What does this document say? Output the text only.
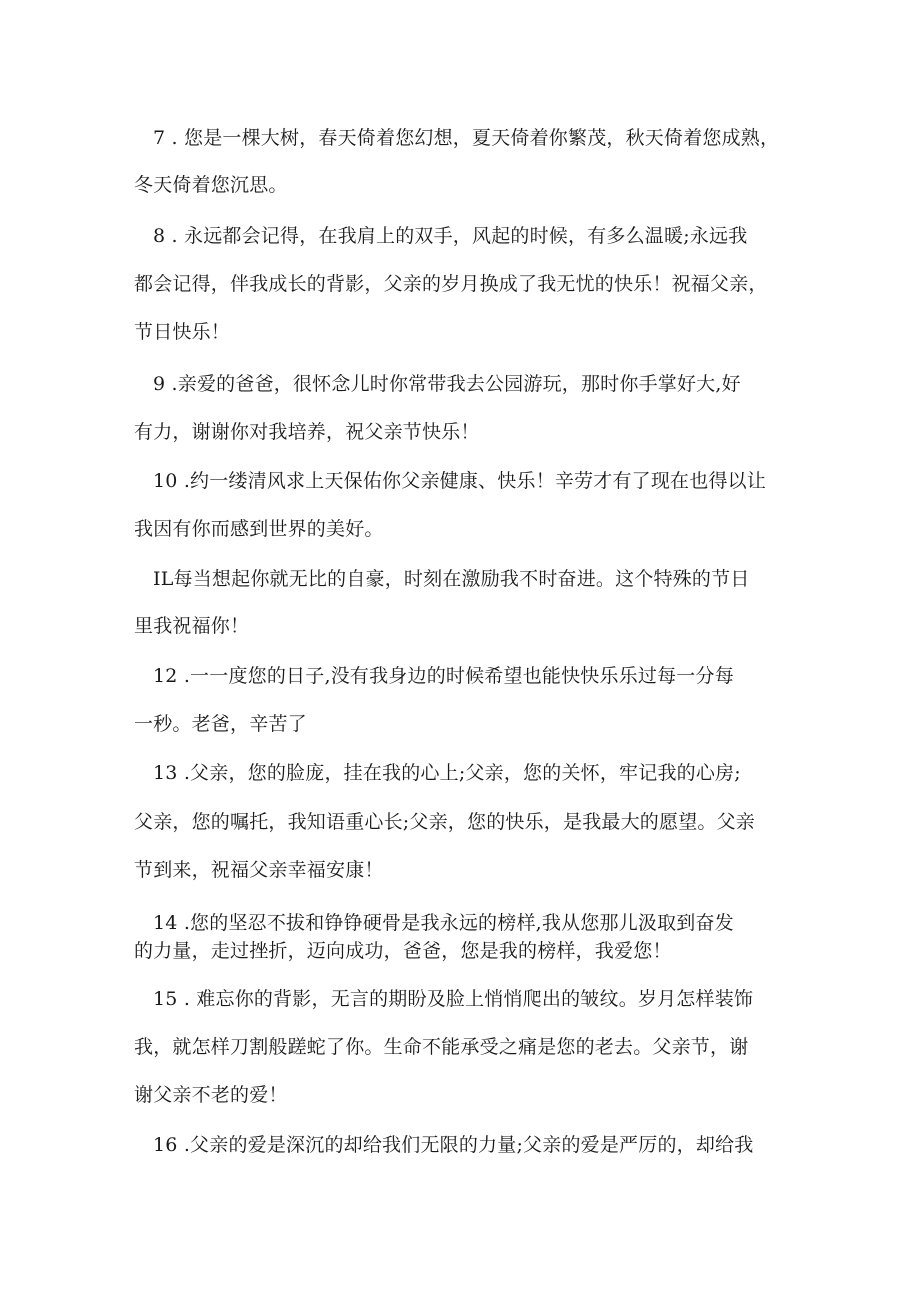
7 . 您是一棵大树，春天倚着您幻想，夏天倚着你繁茂，秋天倚着您成熟，
冬天倚着您沉思。
8 . 永远都会记得，在我肩上的双手，风起的时候，有多么温暖;永远我
都会记得，伴我成长的背影，父亲的岁月换成了我无忧的快乐！祝福父亲，
节日快乐！
9 .亲爱的爸爸，很怀念儿时你常带我去公园游玩，那时你手掌好大,好
有力，谢谢你对我培养，祝父亲节快乐！
10 .约一缕清风求上天保佑你父亲健康、快乐！辛劳才有了现在也得以让
我因有你而感到世界的美好。
IL每当想起你就无比的自豪，时刻在激励我不时奋进。这个特殊的节日
里我祝福你！
12 .一一度您的日子,没有我身边的时候希望也能快快乐乐过每一分每
一秒。老爸，辛苦了
13 .父亲，您的脸庞，挂在我的心上;父亲，您的关怀，牢记我的心房;
父亲，您的嘱托，我知语重心长;父亲，您的快乐，是我最大的愿望。父亲
节到来，祝福父亲幸福安康！
14 .您的坚忍不拔和铮铮硬骨是我永远的榜样,我从您那儿汲取到奋发
的力量，走过挫折，迈向成功，爸爸，您是我的榜样，我爱您！
15 . 难忘你的背影，无言的期盼及脸上悄悄爬出的皱纹。岁月怎样装饰
我，就怎样刀割般蹉蛇了你。生命不能承受之痛是您的老去。父亲节，谢
谢父亲不老的爱！
16 .父亲的爱是深沉的却给我们无限的力量;父亲的爱是严厉的，却给我
